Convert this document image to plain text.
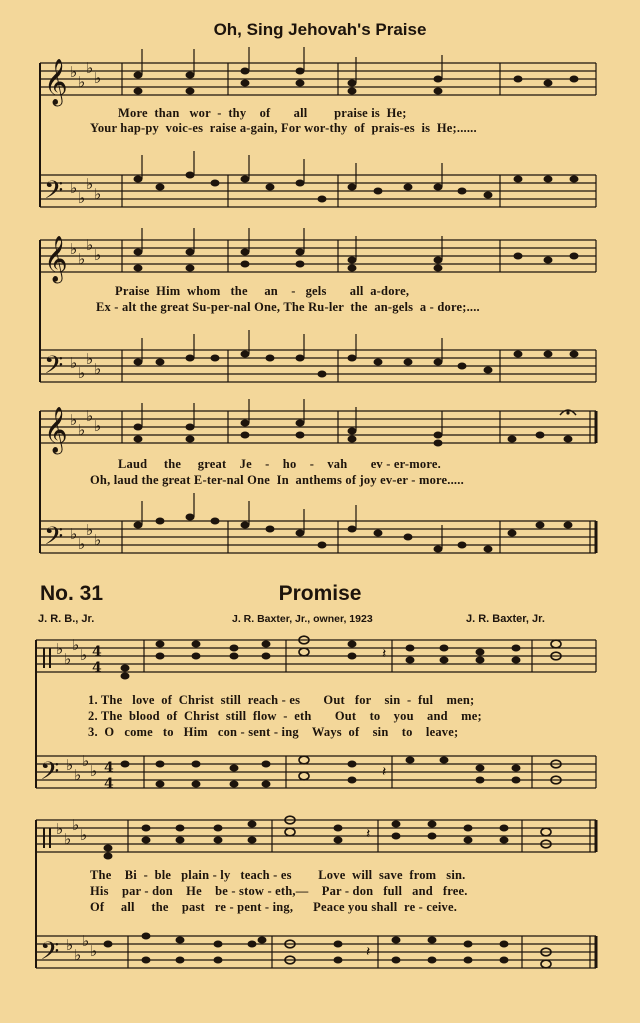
Oh, Sing Jehovah's Praise
𝄞
𝄢
♭
♭
♭
♭
♭
♭
♭
♭
More  than   wor  -  thy    of       all        praise is  He;
Your hap-py  voic-es  raise a-gain, For wor-thy  of  prais-es  is  He;......
𝄞
𝄢
♭
♭
♭
♭
♭
♭
♭
♭
Praise  Him  whom   the     an    -   gels       all  a-dore,
Ex - alt the great Su-per-nal One, The Ru-ler  the  an-gels  a - dore;....
𝄞
𝄢
♭
♭
♭
♭
♭
♭
♭
♭
Laud     the     great    Je    -    ho    -    vah       ev - er-more.
Oh, laud the great E-ter-nal One  In  anthems of joy ev-er - more.....
No. 31	Promise
J. R. B., Jr.	J. R. Baxter, Jr., owner, 1923	J. R. Baxter, Jr.
𝄢
♭
♭
♭
♭
♭
♭
♭
♭
4
4
4
4
𝄽
𝄽
1. The   love  of  Christ  still  reach - es       Out   for    sin  -  ful    men;
2. The  blood  of  Christ  still  flow  -  eth       Out    to    you    and    me;
3.  O   come   to   Him   con - sent - ing    Ways  of    sin    to    leave;
𝄢
♭
♭
♭
♭
♭
♭
♭
♭
𝄽
𝄽
The    Bi  -  ble   plain - ly   teach - es        Love  will  save  from   sin.
His    par - don    He    be - stow - eth,—    Par - don   full   and   free.
Of     all     the    past   re - pent - ing,      Peace you shall  re - ceive.
